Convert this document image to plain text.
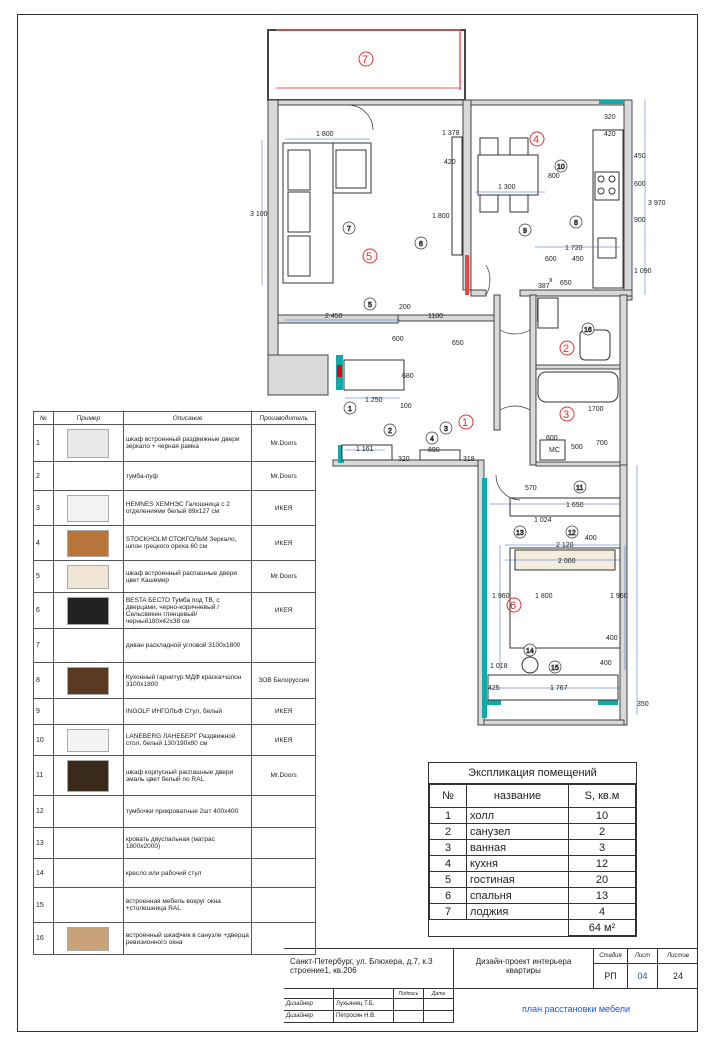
7
4
5
2
1
3
6
7
6
8
9
10
5
1
2
4
3
16
11
13	12
14
15
1 800	1 378
420
3 100	1 800
2 450
200
1100
600
650
680
1 250
100
320
420
450
600
3 970
900
1 300
800
1 720
1 090
600 450
387 650
x
1 161
320
890
318
1700
600
MC 500
700
570
1 650
1 024
2 120
400
2 000
1 960	1 800	1 960
400
1 018
425	1 767
350
400
№	Пример	Описание	Производитель
1		шкаф встроенный раздвижные двери зеркало + черная рамка	Mr.Doors
2		тумба-пуф	Mr.Doors
3		HEMNES ХЕМНЭС Галошница с 2 отделениями белый 89x127 см	ИКЕЯ
4		STOCKHOLM СТОКГОЛЬМ Зеркало, шпон грецкого ореха 60 см	ИКЕЯ
5		шкаф встроенный распашные двери цвет Кашемир	Mr.Doors
6		BESTA БЕСТО Тумба под ТВ, с дверцами, черно-коричневый /Сельсвикен глянцевый/черный180x42x38 см	ИКЕЯ
7		диван раскладной угловой 3100x1800	
8		Кухонный гарнитур МДФ краска+шпон 3100x1800	ЗОВ Белоруссия
9		INGOLF ИНГОЛЬФ Стул, белый	ИКЕЯ
10		LANEBERG ЛАНЕБЕРГ Раздвижной стол, белый 130/190x80 см	ИКЕЯ
11		шкаф корпусный распашные двери эмаль цвет белый по RAL	Mr.Doors
12		тумбочки прикроватные 2шт 400x400	
13		кровать двуспальная (матрас 1800x2000)	
14		кресло или рабочий стул	
15		встроенная мебель вокруг окна +столешница RAL	
16		встроенный шкафчик в санузле +дверца ревизионного окна	
Экспликация помещений
№	название	S, кв.м
1	холл	10
2	санузел	2
3	ванная	3
4	кухня	12
5	гостиная	20
6	спальня	13
7	лоджия	4
		64 м²
Санкт-Петербург, ул. Блюхера, д.7, к.3 строение1, кв.206
Дизайн-проект интерьера квартиры
Стадия	Лист	Листов
РП	04	24
Подпись	Дата
Дизайнер	Лухьянец Т.Б.
Дизайнер	Петросян Н.В.
план расстановки мебели
